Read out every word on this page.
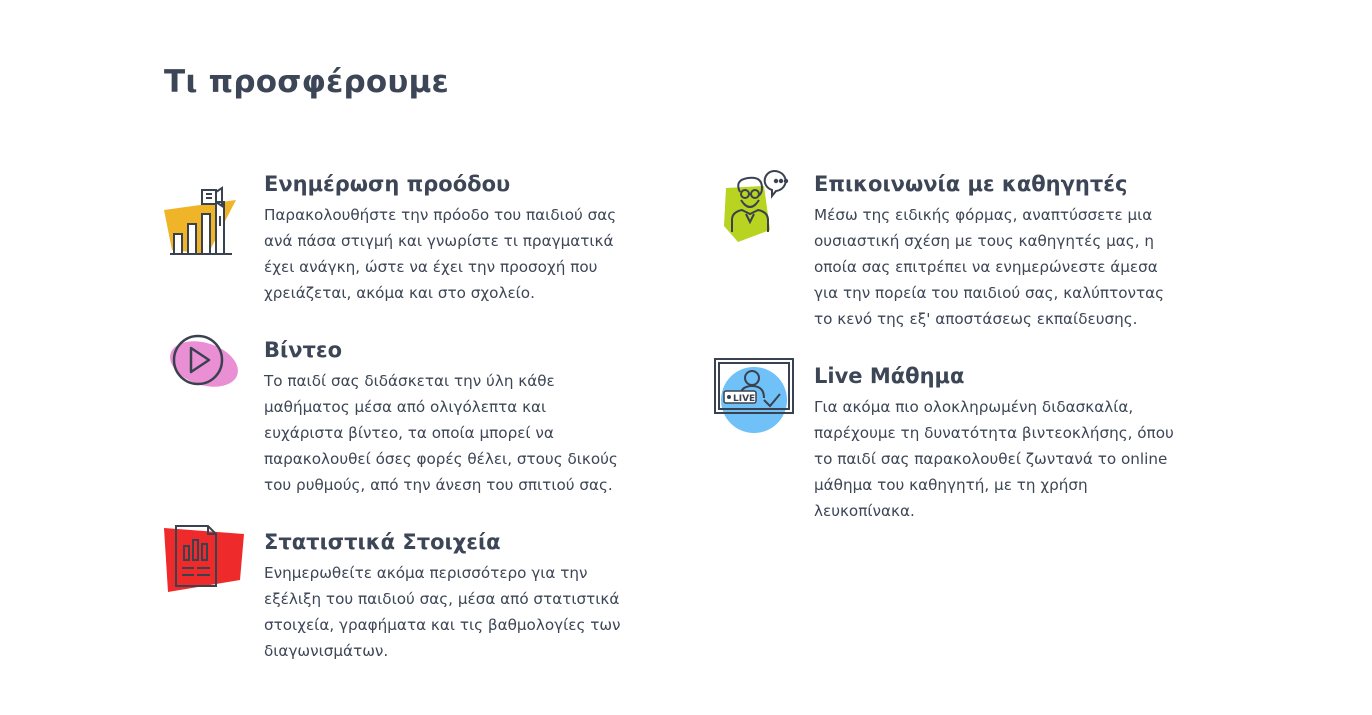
Τι προσφέρουμε
Ενημέρωση προόδου

Παρακολουθήστε την πρόοδο του παιδιού σας ανά πάσα στιγμή και γνωρίστε τι πραγματικά έχει ανάγκη, ώστε να έχει την προσοχή που χρειάζεται, ακόμα και στο σχολείο.

Βίντεο

Το παιδί σας διδάσκεται την ύλη κάθε μαθήματος μέσα από ολιγόλεπτα και ευχάριστα βίντεο, τα οποία μπορεί να παρακολουθεί όσες φορές θέλει, στους δικούς του ρυθμούς, από την άνεση του σπιτιού σας.

Στατιστικά Στοιχεία

Ενημερωθείτε ακόμα περισσότερο για την εξέλιξη του παιδιού σας, μέσα από στατιστικά στοιχεία, γραφήματα και τις βαθμολογίες των διαγωνισμάτων.

Επικοινωνία με καθηγητές

Μέσω της ειδικής φόρμας, αναπτύσσετε μια ουσιαστική σχέση με τους καθηγητές μας, η οποία σας επιτρέπει να ενημερώνεστε άμεσα για την πορεία του παιδιού σας, καλύπτοντας το κενό της εξ' αποστάσεως εκπαίδευσης.

LIVE
Live Μάθημα

Για ακόμα πιο ολοκληρωμένη διδασκαλία, παρέχουμε τη δυνατότητα βιντεοκλήσης, όπου το παιδί σας παρακολουθεί ζωντανά το online μάθημα του καθηγητή, με τη χρήση λευκοπίνακα.
